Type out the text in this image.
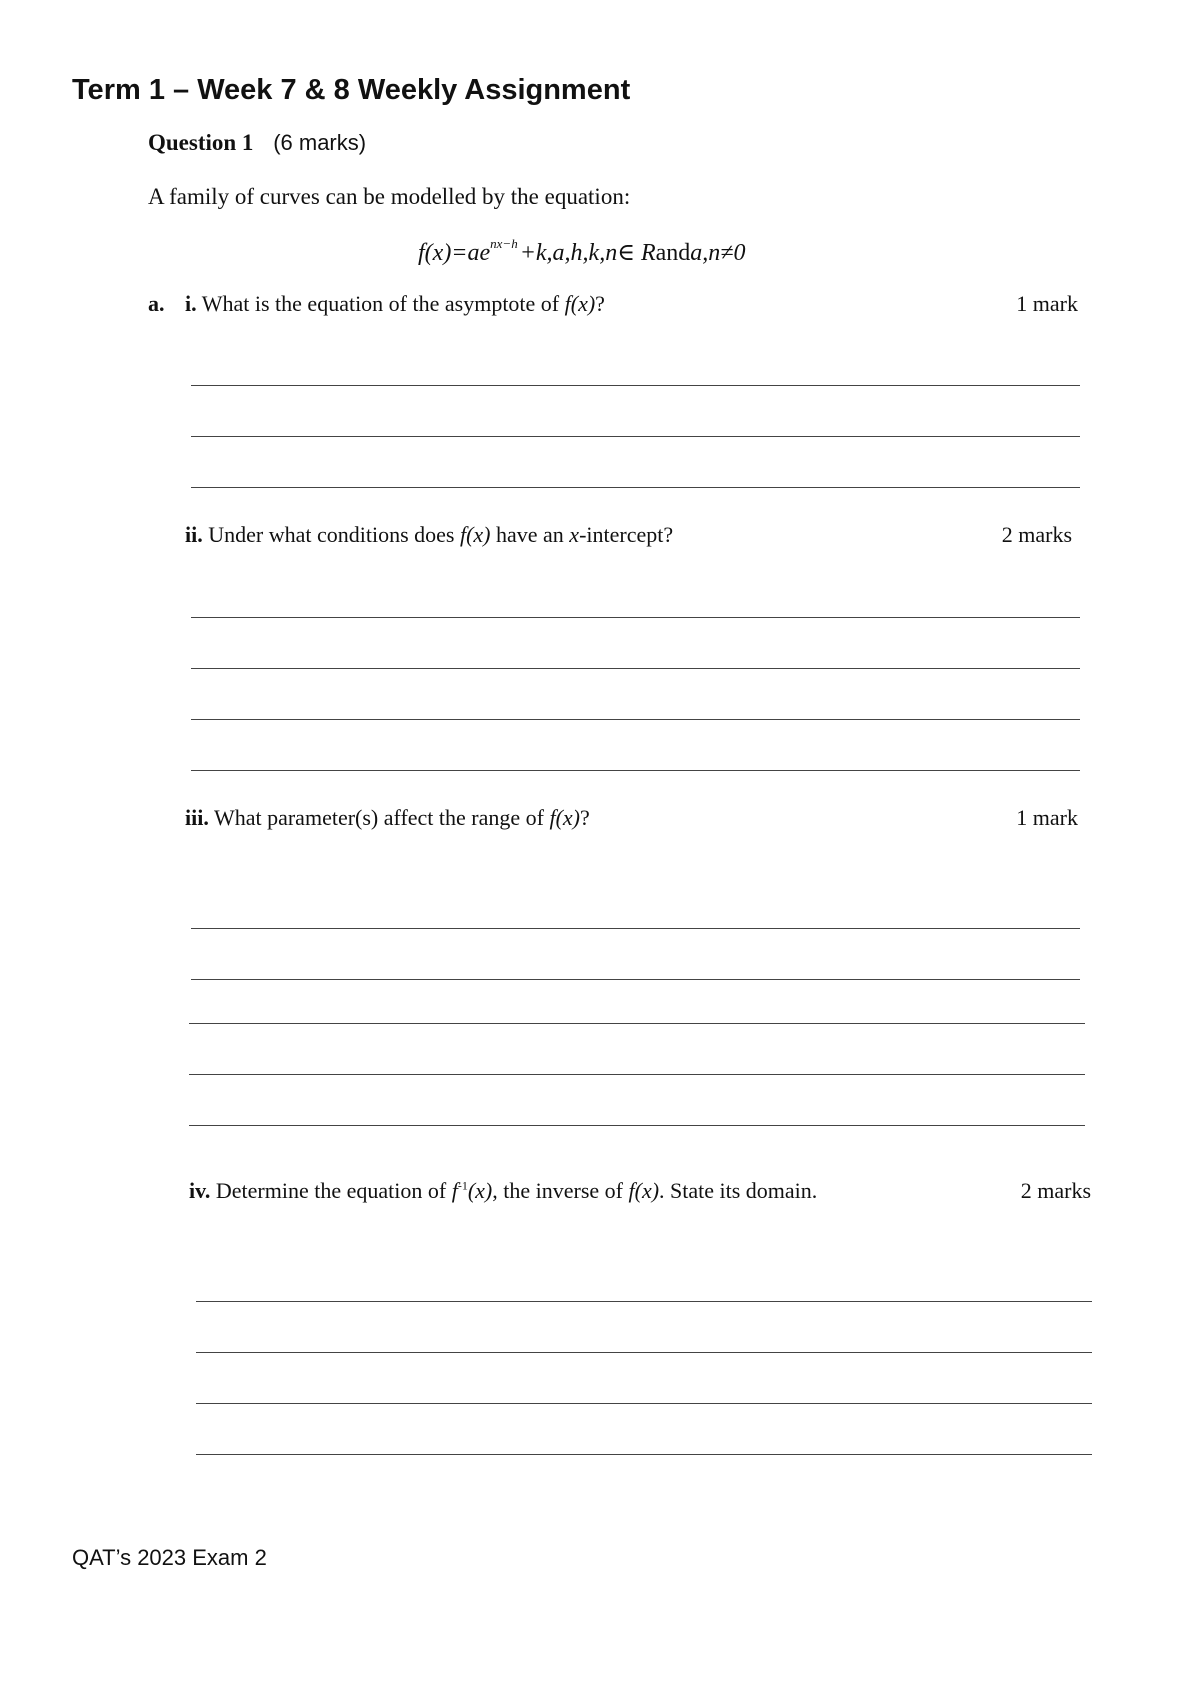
Term 1 – Week 7 & 8 Weekly Assignment
Question 1 (6 marks)
A family of curves can be modelled by the equation:
$f(x)=ae^{nx-h}+k,a,h,k,n\in$ Randa,n≠0
a. i. What is the equation of the asymptote of f(x)?	1 mark
ii. Under what conditions does f(x) have an x-intercept?	2 marks
iii. What parameter(s) affect the range of f(x)?	1 mark
iv. Determine the equation of $f^{-1}(x)$, the inverse of f(x). State its domain.	2 marks
QAT’s 2023 Exam 2
